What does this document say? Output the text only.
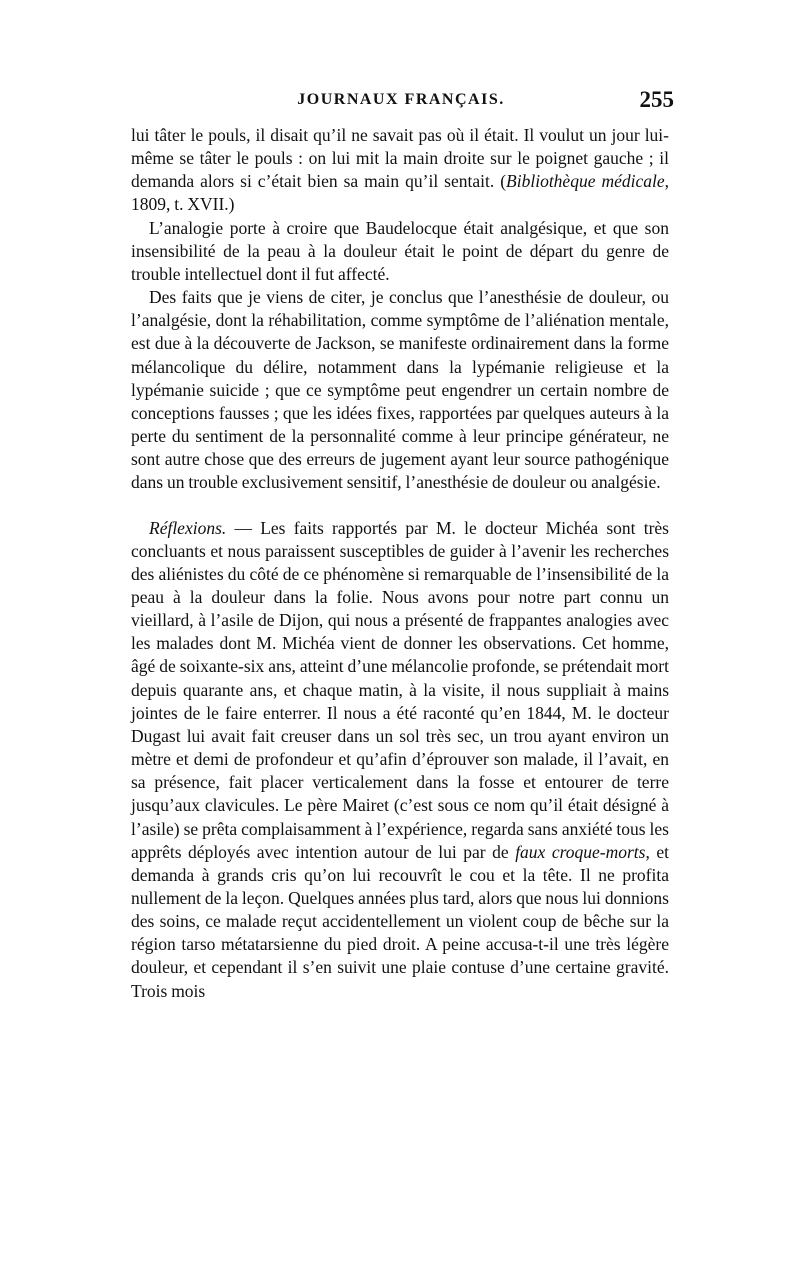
JOURNAUX FRANÇAIS.	255

lui tâter le pouls, il disait qu’il ne savait pas où il était. Il voulut un jour lui-même se tâter le pouls : on lui mit la main droite sur le poignet gauche ; il demanda alors si c’était bien sa main qu’il sentait. (Bibliothèque médicale, 1809, t. XVII.)

L’analogie porte à croire que Baudelocque était analgésique, et que son insensibilité de la peau à la douleur était le point de départ du genre de trouble intellectuel dont il fut affecté.

Des faits que je viens de citer, je conclus que l’anesthésie de douleur, ou l’analgésie, dont la réhabilitation, comme symptôme de l’aliénation mentale, est due à la découverte de Jackson, se manifeste ordinairement dans la forme mélancolique du délire, notamment dans la lypémanie religieuse et la lypémanie suicide ; que ce symptôme peut engendrer un certain nombre de conceptions fausses ; que les idées fixes, rapportées par quelques auteurs à la perte du sentiment de la personnalité comme à leur principe générateur, ne sont autre chose que des erreurs de jugement ayant leur source pathogénique dans un trouble exclusivement sensitif, l’anesthésie de douleur ou analgésie.

Réflexions. — Les faits rapportés par M. le docteur Michéa sont très concluants et nous paraissent susceptibles de guider à l’avenir les recherches des aliénistes du côté de ce phénomène si remarquable de l’insensibilité de la peau à la douleur dans la folie. Nous avons pour notre part connu un vieillard, à l’asile de Dijon, qui nous a présenté de frappantes analogies avec les malades dont M. Michéa vient de donner les observations. Cet homme, âgé de soixante-six ans, atteint d’une mélancolie profonde, se prétendait mort depuis quarante ans, et chaque matin, à la visite, il nous suppliait à mains jointes de le faire enterrer. Il nous a été raconté qu’en 1844, M. le docteur Dugast lui avait fait creuser dans un sol très sec, un trou ayant environ un mètre et demi de profondeur et qu’afin d’éprouver son malade, il l’avait, en sa présence, fait placer verticalement dans la fosse et entourer de terre jusqu’aux clavicules. Le père Mairet (c’est sous ce nom qu’il était désigné à l’asile) se prêta complaisamment à l’expérience, regarda sans anxiété tous les apprêts déployés avec intention autour de lui par de faux croque-morts, et demanda à grands cris qu’on lui recouvrît le cou et la tête. Il ne profita nullement de la leçon. Quelques années plus tard, alors que nous lui donnions des soins, ce malade reçut accidentellement un violent coup de bêche sur la région tarso métatarsienne du pied droit. A peine accusa-t-il une très légère douleur, et cependant il s’en suivit une plaie contuse d’une certaine gravité. Trois mois
